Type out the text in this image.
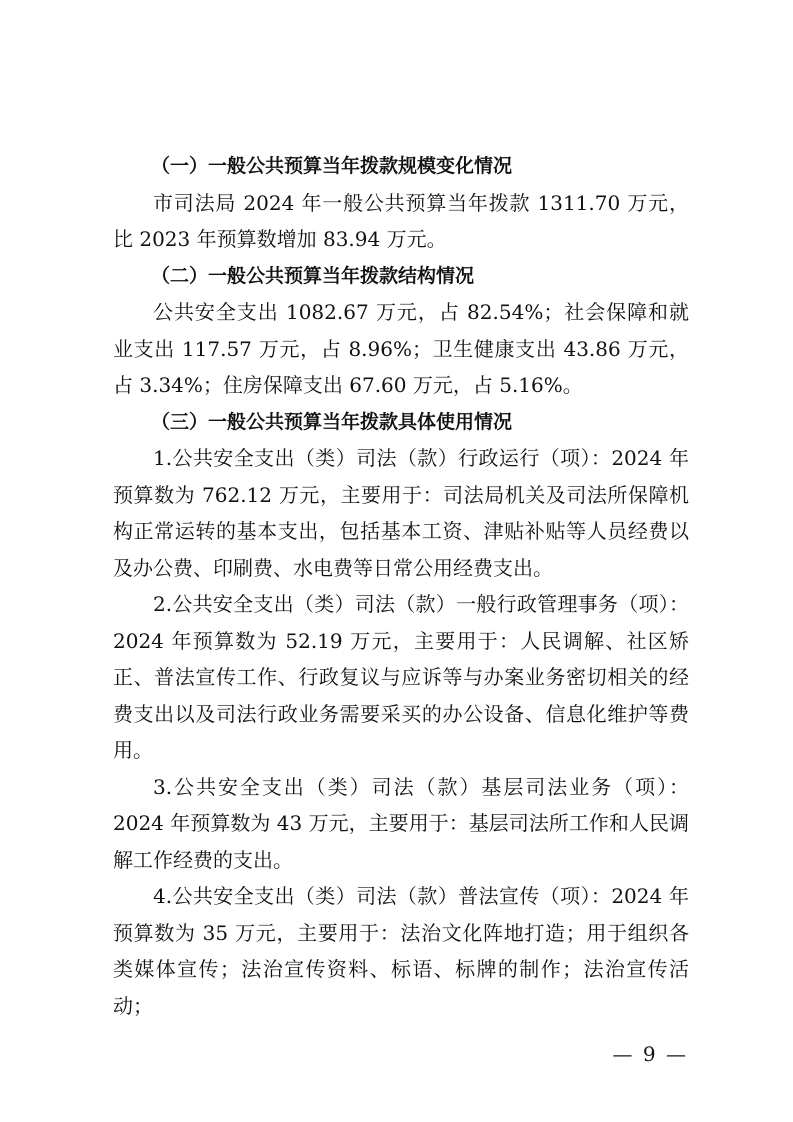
（一）一般公共预算当年拨款规模变化情况

市司法局 2024 年一般公共预算当年拨款 1311.70 万元，比 2023 年预算数增加 83.94 万元。

（二）一般公共预算当年拨款结构情况

公共安全支出 1082.67 万元，占 82.54%；社会保障和就业支出 117.57 万元，占 8.96%；卫生健康支出 43.86 万元，占 3.34%；住房保障支出 67.60 万元，占 5.16%。

（三）一般公共预算当年拨款具体使用情况

1.公共安全支出（类）司法（款）行政运行（项）：2024 年预算数为 762.12 万元，主要用于：司法局机关及司法所保障机构正常运转的基本支出，包括基本工资、津贴补贴等人员经费以及办公费、印刷费、水电费等日常公用经费支出。

2.公共安全支出（类）司法（款）一般行政管理事务（项）：2024 年预算数为 52.19 万元，主要用于：人民调解、社区矫正、普法宣传工作、行政复议与应诉等与办案业务密切相关的经费支出以及司法行政业务需要采买的办公设备、信息化维护等费用。

3.公共安全支出（类）司法（款）基层司法业务（项）：2024 年预算数为 43 万元，主要用于：基层司法所工作和人民调解工作经费的支出。

4.公共安全支出（类）司法（款）普法宣传（项）：2024 年预算数为 35 万元，主要用于：法治文化阵地打造；用于组织各类媒体宣传；法治宣传资料、标语、标牌的制作；法治宣传活动；

— 9 —
